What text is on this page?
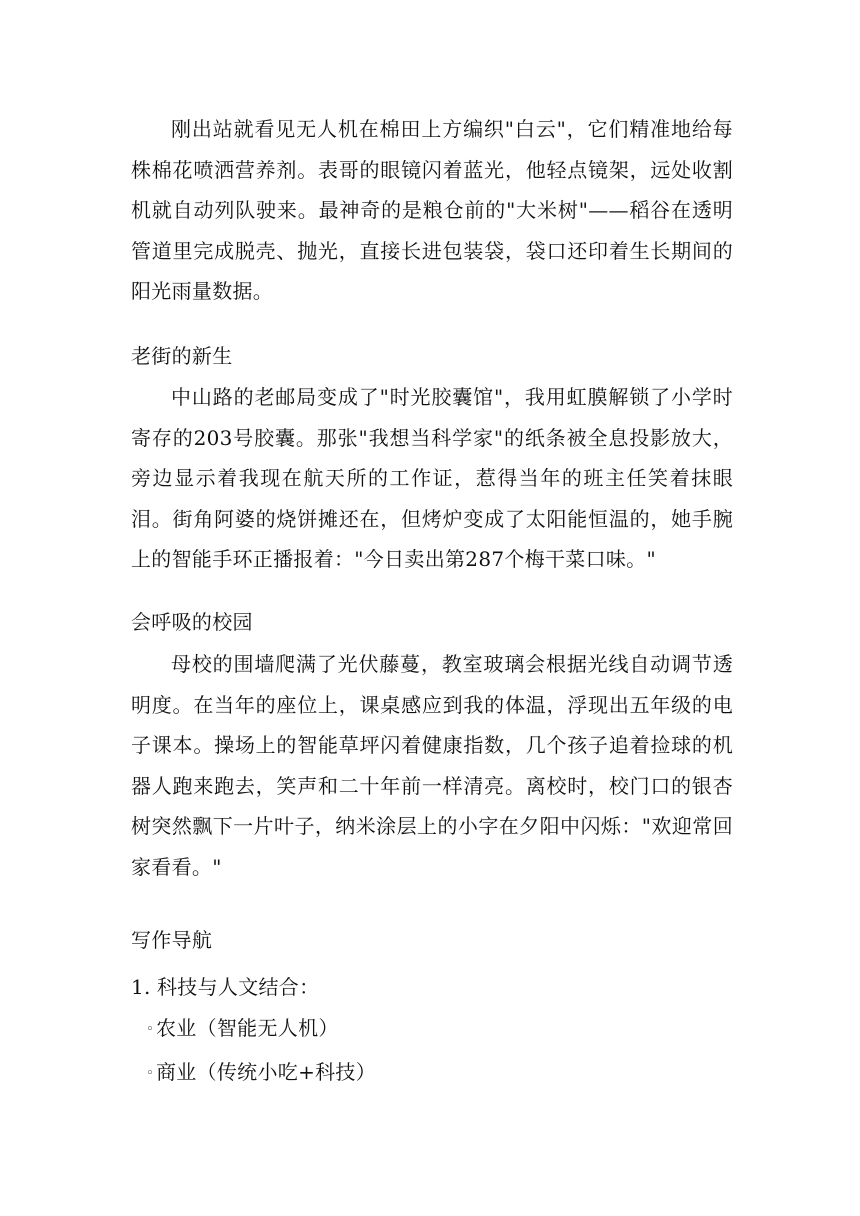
刚出站就看见无人机在棉田上方编织"白云"，它们精准地给每株棉花喷洒营养剂。表哥的眼镜闪着蓝光，他轻点镜架，远处收割机就自动列队驶来。最神奇的是粮仓前的"大米树"——稻谷在透明管道里完成脱壳、抛光，直接长进包装袋，袋口还印着生长期间的阳光雨量数据。

老街的新生

中山路的老邮局变成了"时光胶囊馆"，我用虹膜解锁了小学时寄存的203号胶囊。那张"我想当科学家"的纸条被全息投影放大，旁边显示着我现在航天所的工作证，惹得当年的班主任笑着抹眼泪。街角阿婆的烧饼摊还在，但烤炉变成了太阳能恒温的，她手腕上的智能手环正播报着："今日卖出第287个梅干菜口味。"

会呼吸的校园

母校的围墙爬满了光伏藤蔓，教室玻璃会根据光线自动调节透明度。在当年的座位上，课桌感应到我的体温，浮现出五年级的电子课本。操场上的智能草坪闪着健康指数，几个孩子追着捡球的机器人跑来跑去，笑声和二十年前一样清亮。离校时，校门口的银杏树突然飘下一片叶子，纳米涂层上的小字在夕阳中闪烁："欢迎常回家看看。"

写作导航
1. 科技与人文结合：
◦ 农业（智能无人机）
◦ 商业（传统小吃+科技）
